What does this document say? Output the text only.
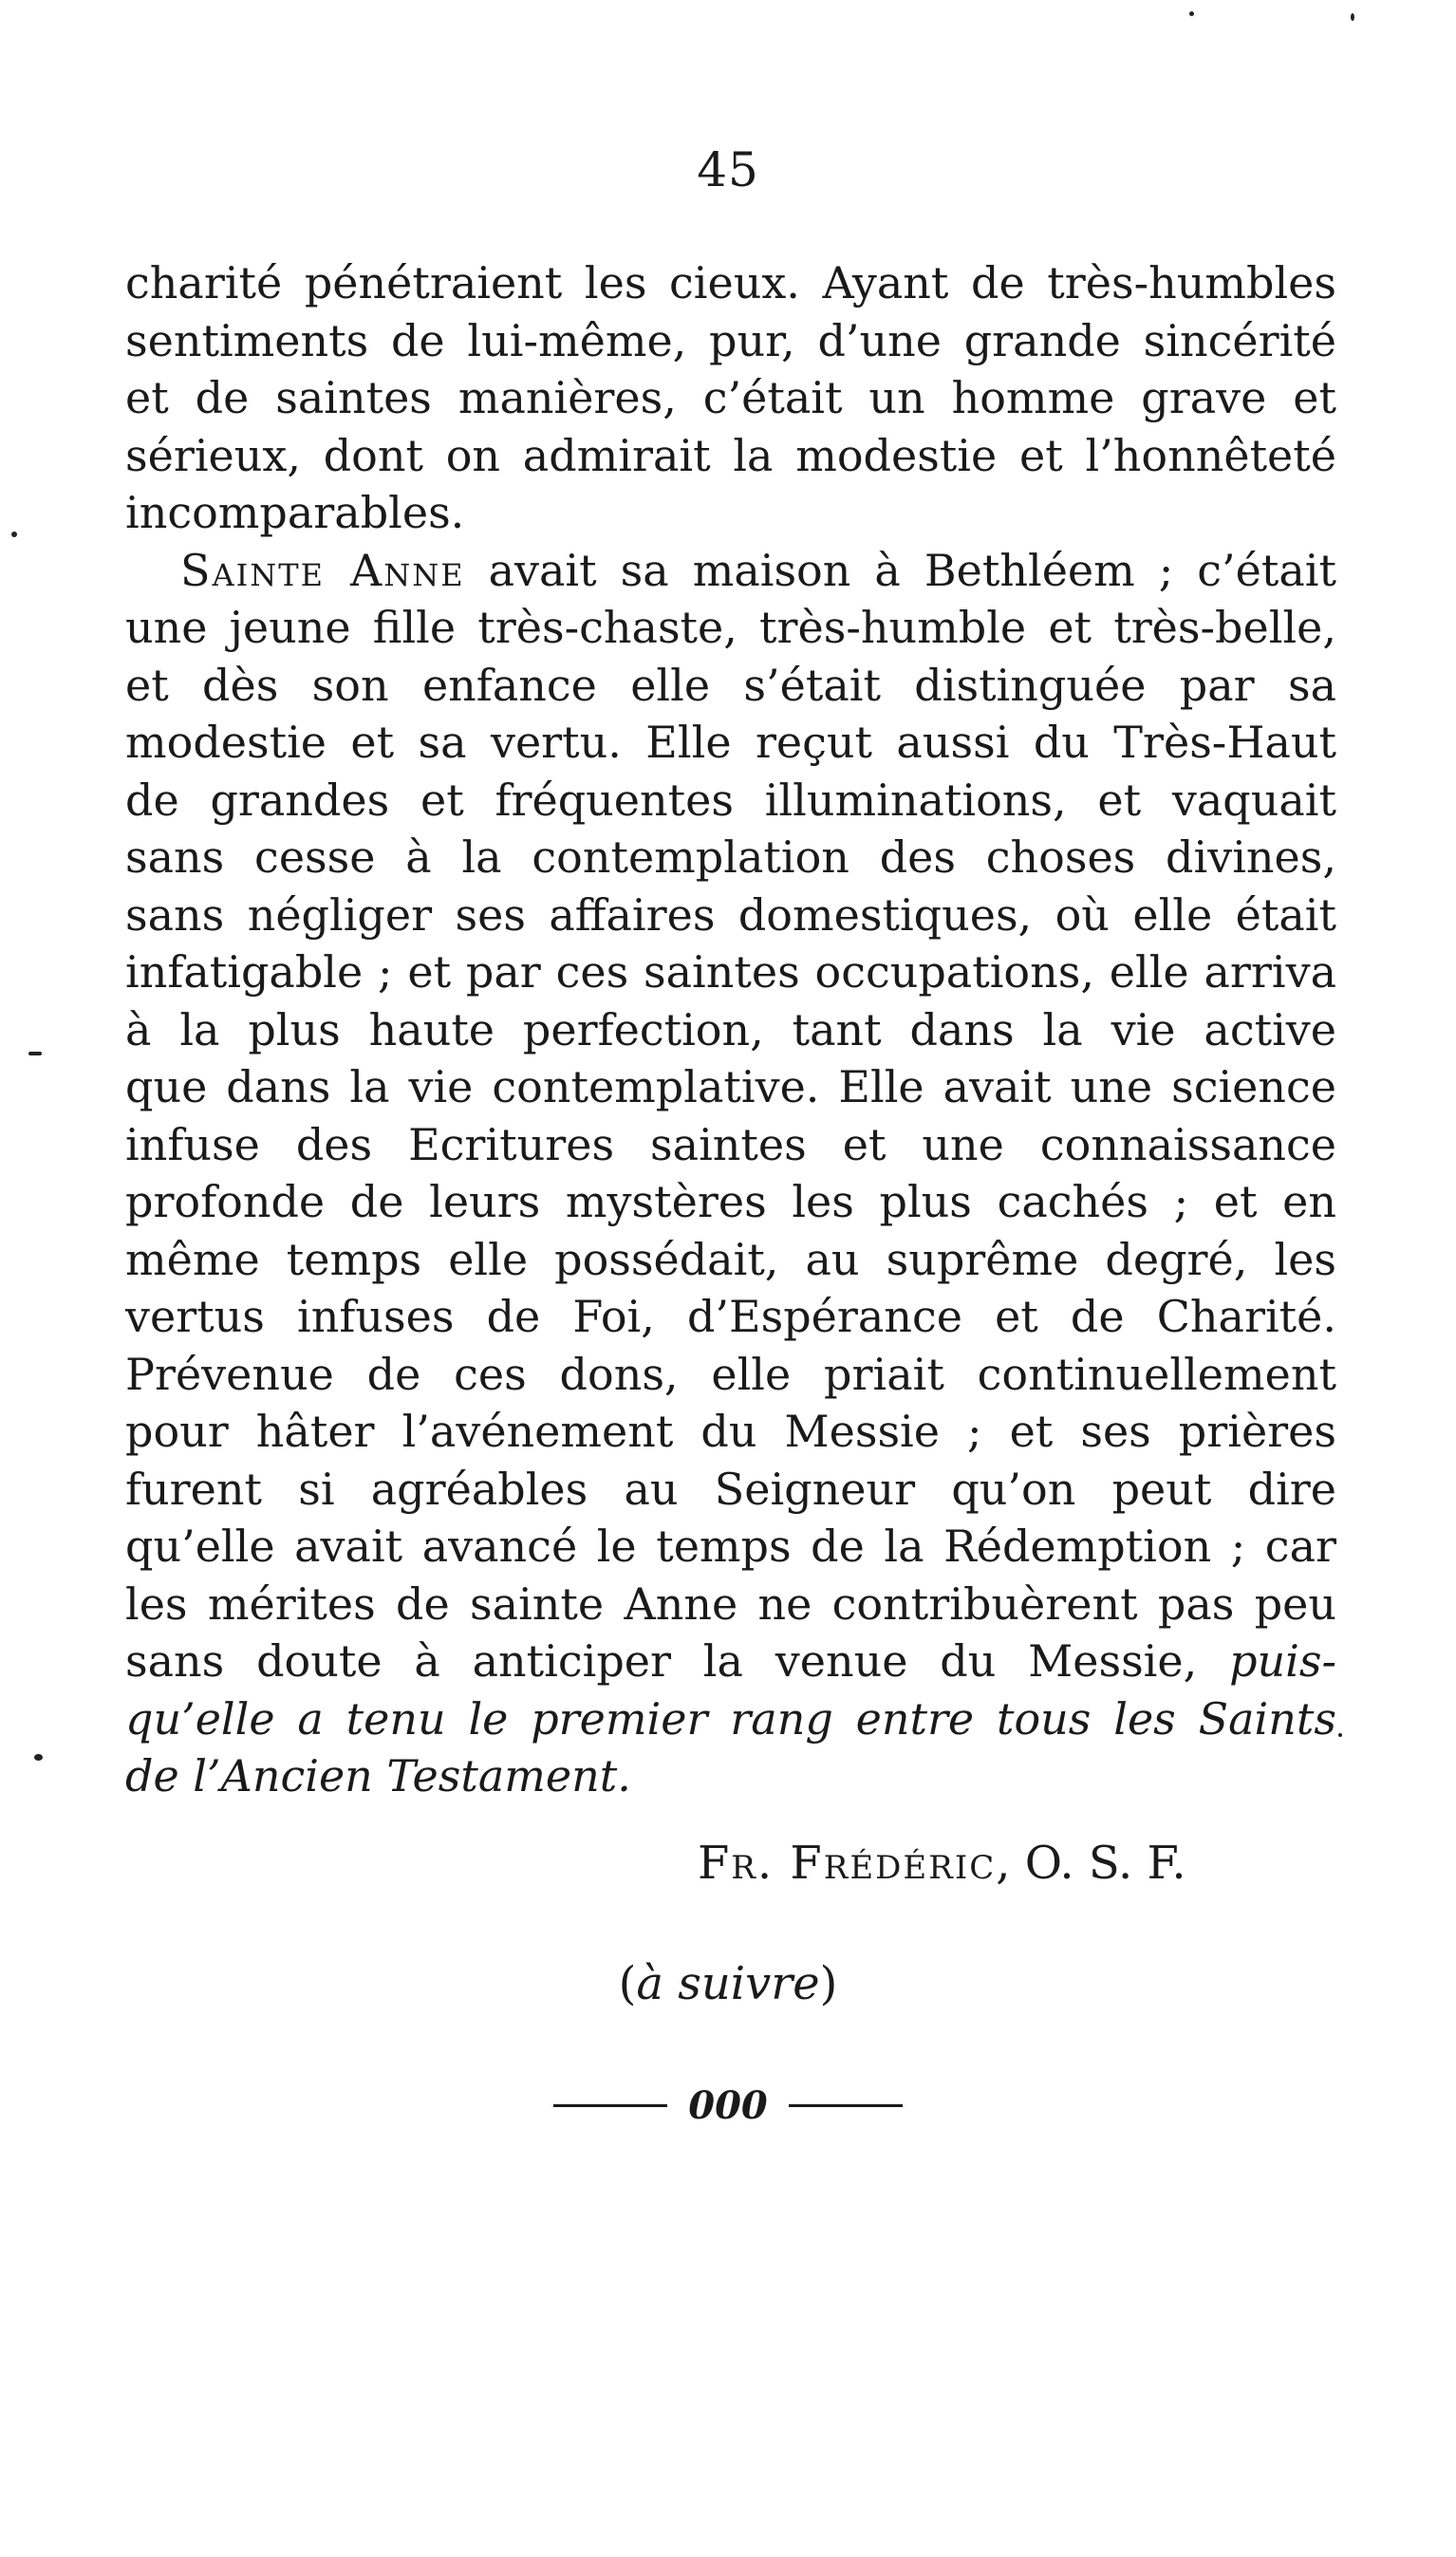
45
charité pénétraient les cieux. Ayant de très-humbles
sentiments de lui-même, pur, d’une grande sincérité
et de saintes manières, c’était un homme grave et
sérieux, dont on admirait la modestie et l’honnêteté
incomparables.
Sainte Anne avait sa maison à Bethléem ; c’était
une jeune fille très-chaste, très-humble et très-belle,
et dès son enfance elle s’était distinguée par sa
modestie et sa vertu. Elle reçut aussi du Très-Haut
de grandes et fréquentes illuminations, et vaquait
sans cesse à la contemplation des choses divines,
sans négliger ses affaires domestiques, où elle était
infatigable ; et par ces saintes occupations, elle arriva
à la plus haute perfection, tant dans la vie active
que dans la vie contemplative. Elle avait une science
infuse des Ecritures saintes et une connaissance
profonde de leurs mystères les plus cachés ; et en
même temps elle possédait, au suprême degré, les
vertus infuses de Foi, d’Espérance et de Charité.
Prévenue de ces dons, elle priait continuellement
pour hâter l’avénement du Messie ; et ses prières
furent si agréables au Seigneur qu’on peut dire
qu’elle avait avancé le temps de la Rédemption ; car
les mérites de sainte Anne ne contribuèrent pas peu
sans doute à anticiper la venue du Messie, puis-
qu’elle a tenu le premier rang entre tous les Saints
de l’Ancien Testament.
Fr. Frédéric, O. S. F.
(à suivre)
000
